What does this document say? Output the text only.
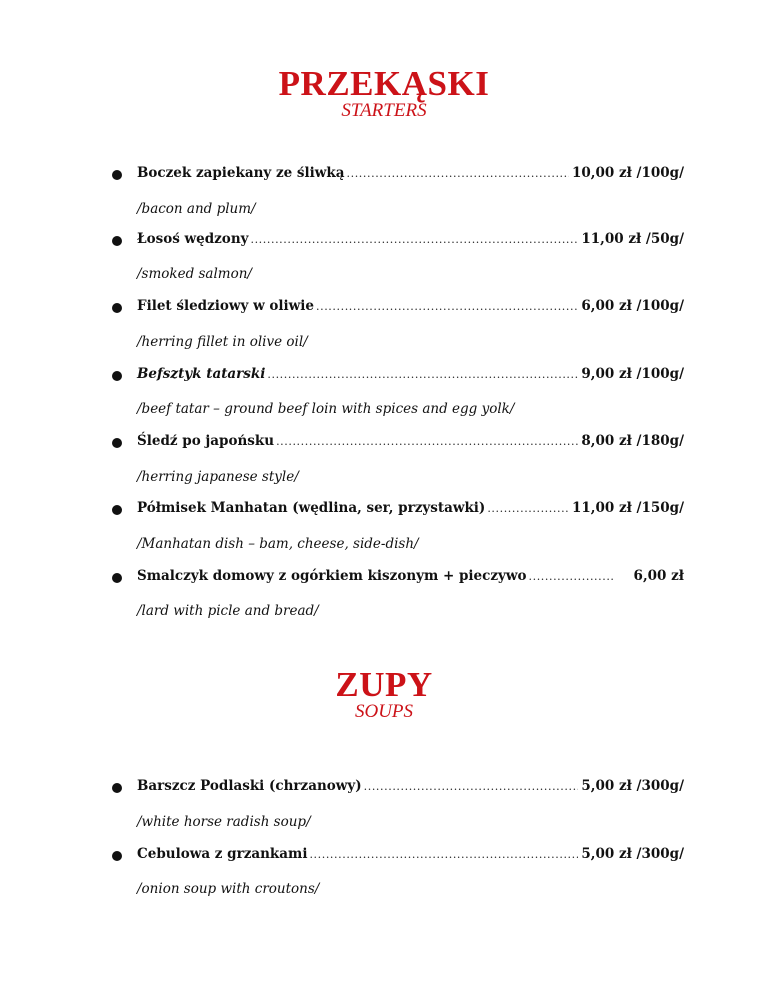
PRZEKĄSKI
STARTERS
Boczek zapiekany ze śliwką .....	10,00 zł /100g/
/bacon and plum/
Łosoś wędzony .....	11,00 zł /50g/
/smoked salmon/
Filet śledziowy w oliwie .....	6,00 zł /100g/
/herring fillet in olive oil/
Befsztyk tatarski .....	9,00 zł /100g/
/beef tatar – ground beef loin with spices and egg yolk/
Śledź po japońsku .....	8,00 zł /180g/
/herring japanese style/
Półmisek Manhatan (wędlina, ser, przystawki) .....	11,00 zł /150g/
/Manhatan dish – bam, cheese, side-dish/
Smalczyk domowy z ogórkiem kiszonym + pieczywo .....	6,00 zł
/lard with picle and bread/
ZUPY
SOUPS
Barszcz Podlaski (chrzanowy) .....	5,00 zł /300g/
/white horse radish soup/
Cebulowa z grzankami .....	5,00 zł /300g/
/onion soup with croutons/
